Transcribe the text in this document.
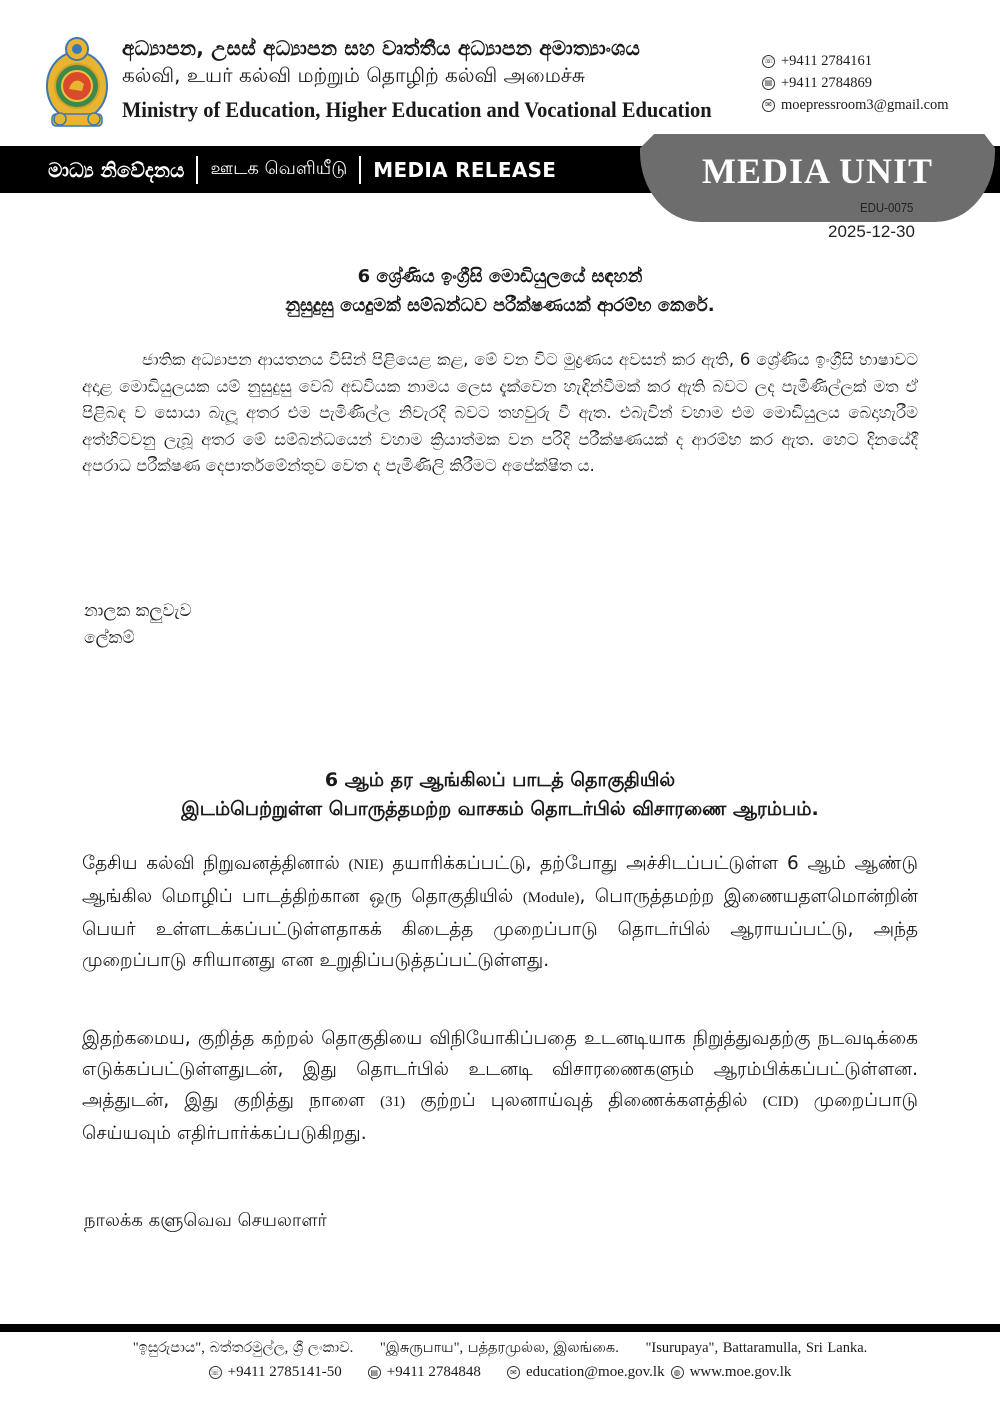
අධ්‍යාපන, උසස් අධ්‍යාපන සහ වෘත්තීය අධ්‍යාපන අමාත්‍යාංශය
கல்வி, உயர் கல்வி மற்றும் தொழிற் கல்வி அமைச்சு
Ministry of Education, Higher Education and Vocational Education
☏ +9411 2784161
▤ +9411 2784869
✉ moepressroom3@gmail.com
මාධ්‍ය නිවේදනය ஊடக வெளியீடு MEDIA RELEASE	MEDIA UNIT
EDU-0075
2025-12-30
6 ශ්‍රේණිය ඉංග්‍රීසි මොඩියුලයේ සඳහන්
නුසුදුසු යෙදුමක් සම්බන්ධව පරීක්ෂණයක් ආරම්භ කෙරේ.
ජාතික අධ්‍යාපන ආයතනය විසින් පිළියෙළ කළ, මේ වන විට මුද්‍රණය අවසන් කර ඇති, 6 ශ්‍රේණිය ඉංග්‍රීසි භාෂාවට අදාළ මොඩියුලයක යම් නුසුදුසු වෙබ් අඩවියක නාමය ලෙස දැක්වෙන හැඳින්වීමක් කර ඇති බවට ලද පැමිණිල්ලක් මත ඒ පිළිබඳ ව සොයා බැලූ අතර එම පැමිණිල්ල නිවැරදි බවට තහවුරු වී ඇත. එබැවින් වහාම එම මොඩියුලය බෙදාහැරීම අත්හිටවනු ලැබූ අතර මේ සම්බන්ධයෙන් වහාම ක්‍රියාත්මක වන පරිදි පරීක්ෂණයක් ද ආරම්භ කර ඇත. හෙට දිනයේදී අපරාධ පරීක්ෂණ දෙපාර්තමේන්තුව වෙත ද පැමිණිලි කිරීමට අපේක්ෂිත ය.
නාලක කලුවැව
ලේකම්
6 ஆம் தர ஆங்கிலப் பாடத் தொகுதியில்
இடம்பெற்றுள்ள பொருத்தமற்ற வாசகம் தொடர்பில் விசாரணை ஆரம்பம்.
தேசிய கல்வி நிறுவனத்தினால் (NIE) தயாரிக்கப்பட்டு, தற்போது அச்சிடப்பட்டுள்ள 6 ஆம் ஆண்டு ஆங்கில மொழிப் பாடத்திற்கான ஒரு தொகுதியில் (Module), பொருத்தமற்ற இணையதளமொன்றின் பெயர் உள்ளடக்கப்பட்டுள்ளதாகக் கிடைத்த முறைப்பாடு தொடர்பில் ஆராயப்பட்டு, அந்த முறைப்பாடு சரியானது என உறுதிப்படுத்தப்பட்டுள்ளது.
இதற்கமைய, குறித்த கற்றல் தொகுதியை விநியோகிப்பதை உடனடியாக நிறுத்துவதற்கு நடவடிக்கை எடுக்கப்பட்டுள்ளதுடன், இது தொடர்பில் உடனடி விசாரணைகளும் ஆரம்பிக்கப்பட்டுள்ளன. அத்துடன், இது குறித்து நாளை (31) குற்றப் புலனாய்வுத் திணைக்களத்தில் (CID) முறைப்பாடு செய்யவும் எதிர்பார்க்கப்படுகிறது.
நாலக்க களுவெவ செயலாளர்
"ඉසුරුපාය", බත්තරමුල්ල, ශ්‍රී ලංකාව. "இசுருபாய", பத்தரமுல்ல, இலங்கை. "Isurupaya", Battaramulla, Sri Lanka.
☏ +9411 2785141-50	▤ +9411 2784848	✉ education@moe.gov.lk	◍ www.moe.gov.lk
